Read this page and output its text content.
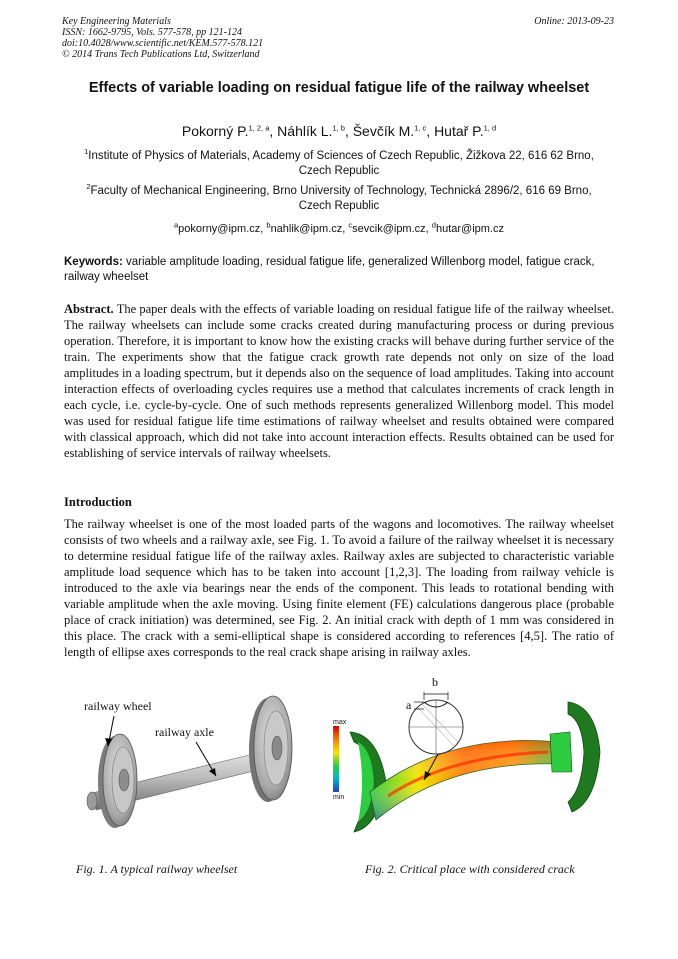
Key Engineering Materials
ISSN: 1662-9795, Vols. 577-578, pp 121-124
doi:10.4028/www.scientific.net/KEM.577-578.121
© 2014 Trans Tech Publications Ltd, Switzerland
Online: 2013-09-23
Effects of variable loading on residual fatigue life of the railway wheelset
Pokorný P.$^{1, 2, a}$, Náhlík L.$^{1, b}$, Ševčík M.$^{1, c}$, Hutař P.$^{1, d}$
$^1$Institute of Physics of Materials, Academy of Sciences of Czech Republic, Žižkova 22, 616 62 Brno, Czech Republic
$^2$Faculty of Mechanical Engineering, Brno University of Technology, Technická 2896/2, 616 69 Brno, Czech Republic
$^a$pokorny@ipm.cz, $^b$nahlik@ipm.cz, $^c$sevcik@ipm.cz, $^d$hutar@ipm.cz
Keywords: variable amplitude loading, residual fatigue life, generalized Willenborg model, fatigue crack, railway wheelset
Abstract. The paper deals with the effects of variable loading on residual fatigue life of the railway wheelset. The railway wheelsets can include some cracks created during manufacturing process or during previous operation. Therefore, it is important to know how the existing cracks will behave during further service of the train. The experiments show that the fatigue crack growth rate depends not only on size of the load amplitudes in a loading spectrum, but it depends also on the sequence of load amplitudes. Taking into account interaction effects of overloading cycles requires use a method that calculates increments of crack length in each cycle, i.e. cycle-by-cycle. One of such methods represents generalized Willenborg model. This model was used for residual fatigue life time estimations of railway wheelset and results obtained were compared with classical approach, which did not take into account interaction effects. Results obtained can be used for establishing of service intervals of railway wheelsets.
Introduction
The railway wheelset is one of the most loaded parts of the wagons and locomotives. The railway wheelset consists of two wheels and a railway axle, see Fig. 1. To avoid a failure of the railway wheelset it is necessary to determine residual fatigue life of the railway axles. Railway axles are subjected to characteristic variable amplitude load sequence which has to be taken into account [1,2,3]. The loading from railway vehicle is introduced to the axle via bearings near the ends of the component. This leads to rotational bending with variable amplitude when the axle moving. Using finite element (FE) calculations dangerous place (probable place of crack initiation) was determined, see Fig. 2. An initial crack with depth of 1 mm was considered in this place. The crack with a semi-elliptical shape is considered according to references [4,5]. The ratio of length of ellipse axes corresponds to the real crack shape arising in railway axles.
railway wheel
railway axle
Fig. 1. A typical railway wheelset
max
min
b
a
Fig. 2. Critical place with considered crack
